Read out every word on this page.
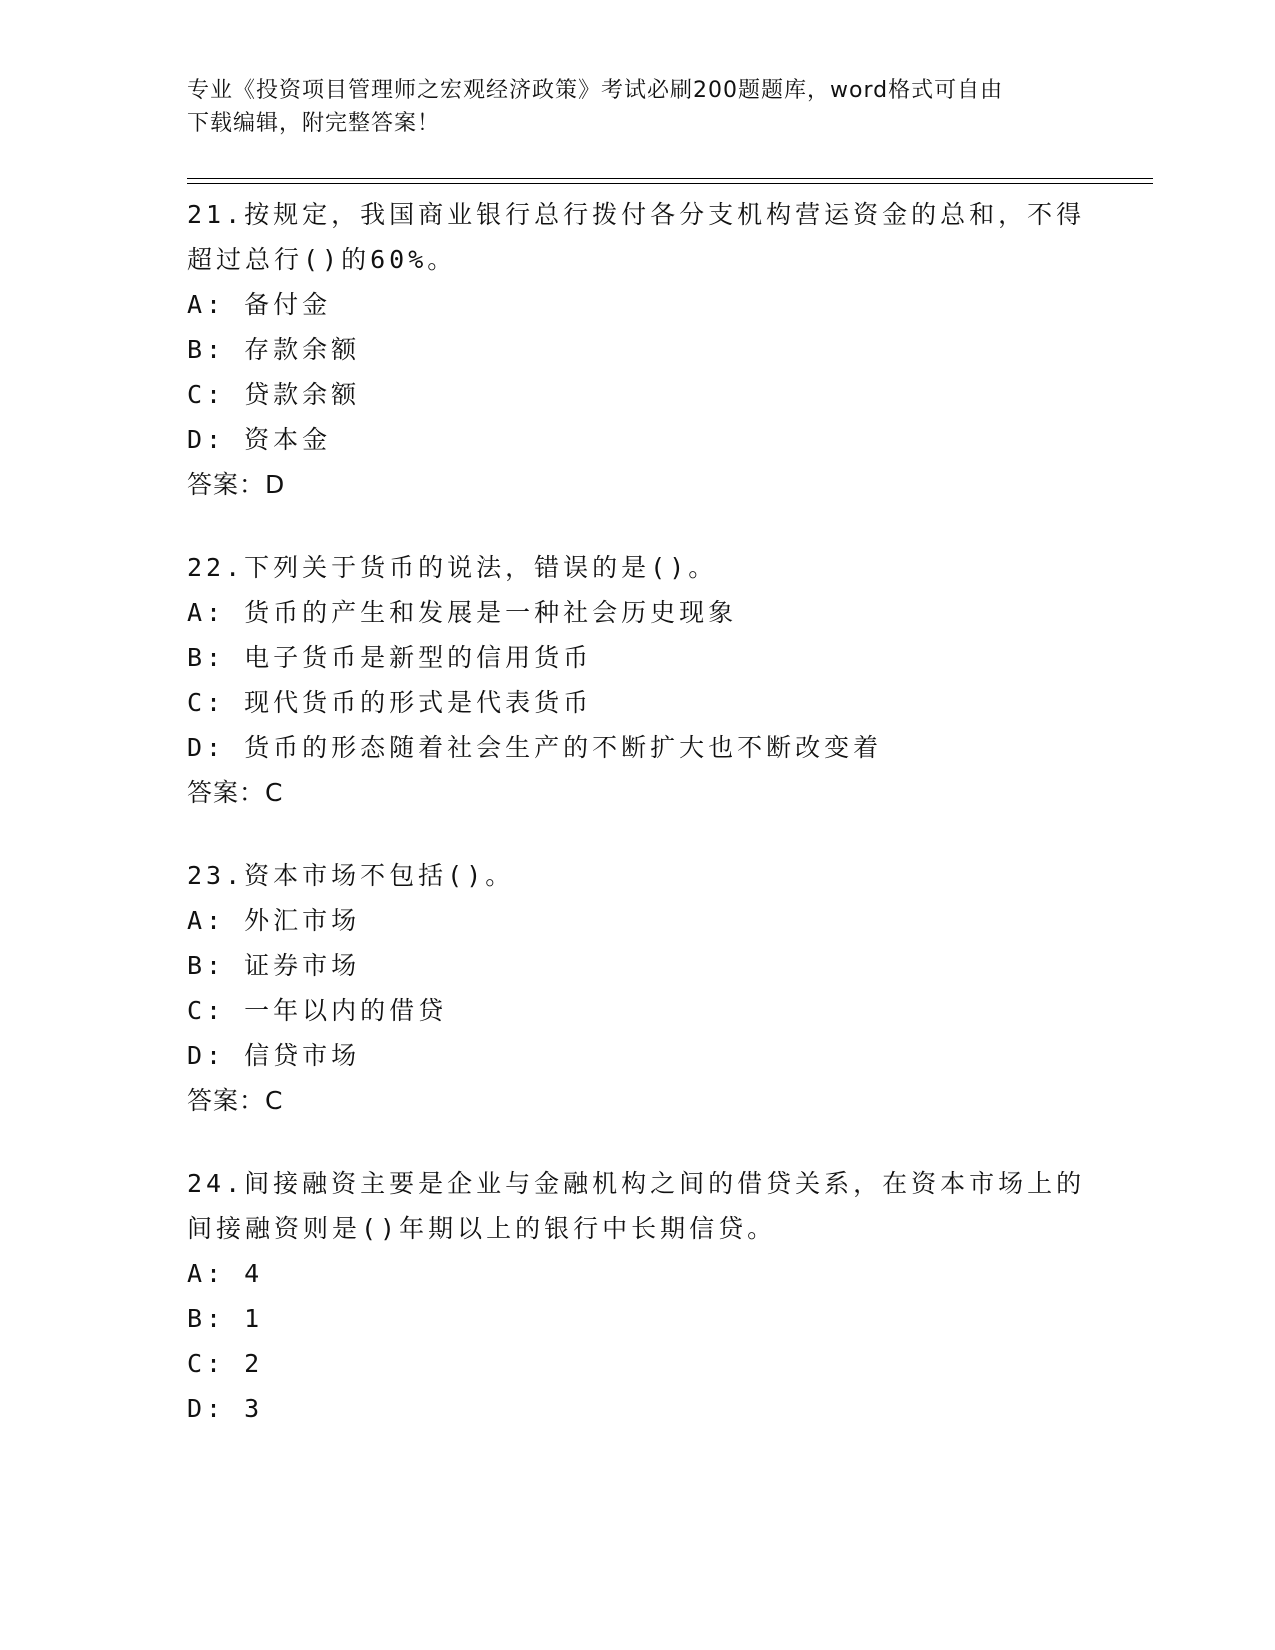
专业《投资项目管理师之宏观经济政策》考试必刷200题题库，word格式可自由
下载编辑，附完整答案！
21.按规定，我国商业银行总行拨付各分支机构营运资金的总和，不得
超过总行()的60%。
A: 备付金
B: 存款余额
C: 贷款余额
D: 资本金
答案：D
22.下列关于货币的说法，错误的是()。
A: 货币的产生和发展是一种社会历史现象
B: 电子货币是新型的信用货币
C: 现代货币的形式是代表货币
D: 货币的形态随着社会生产的不断扩大也不断改变着
答案：C
23.资本市场不包括()。
A: 外汇市场
B: 证券市场
C: 一年以内的借贷
D: 信贷市场
答案：C
24.间接融资主要是企业与金融机构之间的借贷关系，在资本市场上的
间接融资则是()年期以上的银行中长期信贷。
A: 4
B: 1
C: 2
D: 3
